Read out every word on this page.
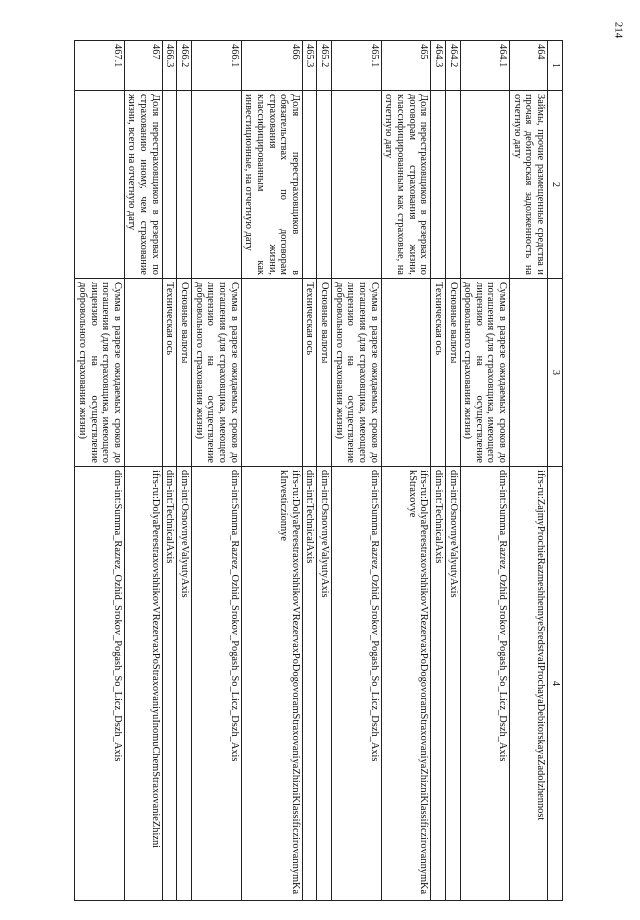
214
1	2	3	4
464	Займы, прочие размещенные средства и прочая дебиторская задолженность на отчетную дату		ifrs-ru:ZajmyProchieRazmeshhennyeSredstvaIProchayaDebitorskayaZadolzhennost
464.1		Сумма в разрезе ожидаемых сроков до погашения (для страховщика, имеющего лицензию на осуществление добровольного страхования жизни)	dim-int:Summa_Razrez_Ozhid_Srokov_Pogash_So_Licz_Dszh_Axis
464.2		Основные валюты	dim-int:OsnovnyeValyutyAxis
464.3		Техническая ось	dim-int:TechnicalAxis
465	Доля перестраховщиков в резервах по договорам страхования жизни, классифицированным как страховые, на отчетную дату		ifrs-ru:DolyaPerestraxovshhikovVRezervaxPoDogovoramStraxovaniyaZhizniKlassificzirovannymKakStraxovye
465.1		Сумма в разрезе ожидаемых сроков до погашения (для страховщика, имеющего лицензию на осуществление добровольного страхования жизни)	dim-int:Summa_Razrez_Ozhid_Srokov_Pogash_So_Licz_Dszh_Axis
465.2		Основные валюты	dim-int:OsnovnyeValyutyAxis
465.3		Техническая ось	dim-int:TechnicalAxis
466	Доля перестраховщиков в обязательствах по договорам страхования жизни, классифицированным как инвестиционные, на отчетную дату		ifrs-ru:DolyaPerestraxovshhikovVRezervaxPoDogovoramStraxovaniyaZhizniKlassificzirovannymKakInvesticzionnye
466.1		Сумма в разрезе ожидаемых сроков до погашения (для страховщика, имеющего лицензию на осуществление добровольного страхования жизни)	dim-int:Summa_Razrez_Ozhid_Srokov_Pogash_So_Licz_Dszh_Axis
466.2		Основные валюты	dim-int:OsnovnyeValyutyAxis
466.3		Техническая ось	dim-int:TechnicalAxis
467	Доля перестраховщиков в резервах по страхованию иному, чем страхование жизни, всего на отчетную дату		ifrs-ru:DolyaPerestraxovshhikovVRezervaxPoStraxovaniyuInomuChemStraxovanieZhizni
467.1		Сумма в разрезе ожидаемых сроков до погашения (для страховщика, имеющего лицензию на осуществление добровольного страхования жизни)	dim-int:Summa_Razrez_Ozhid_Srokov_Pogash_So_Licz_Dszh_Axis
